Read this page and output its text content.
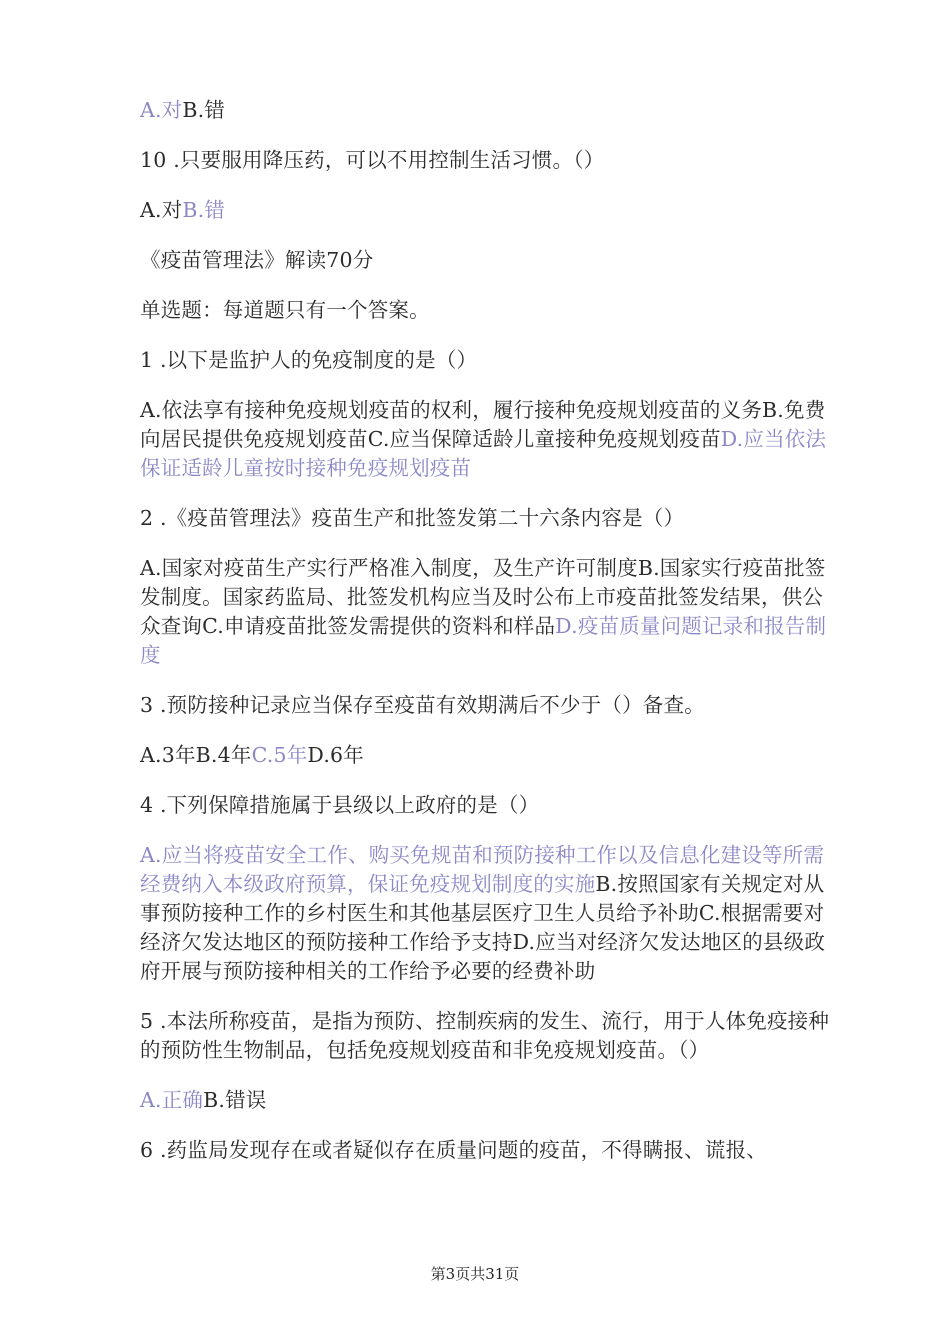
A.对B.错

10 .只要服用降压药，可以不用控制生活习惯。（）

A.对B.错

《疫苗管理法》解读70分

单选题：每道题只有一个答案。

1 .以下是监护人的免疫制度的是（）

A.依法享有接种免疫规划疫苗的权利，履行接种免疫规划疫苗的义务B.免费向居民提供免疫规划疫苗C.应当保障适龄儿童接种免疫规划疫苗D.应当依法保证适龄儿童按时接种免疫规划疫苗

2 .《疫苗管理法》疫苗生产和批签发第二十六条内容是（）

A.国家对疫苗生产实行严格准入制度，及生产许可制度B.国家实行疫苗批签发制度。国家药监局、批签发机构应当及时公布上市疫苗批签发结果，供公众查询C.申请疫苗批签发需提供的资料和样品D.疫苗质量问题记录和报告制度

3 .预防接种记录应当保存至疫苗有效期满后不少于（）备查。

A.3年B.4年C.5年D.6年

4 .下列保障措施属于县级以上政府的是（）

A.应当将疫苗安全工作、购买免规苗和预防接种工作以及信息化建设等所需经费纳入本级政府预算，保证免疫规划制度的实施B.按照国家有关规定对从事预防接种工作的乡村医生和其他基层医疗卫生人员给予补助C.根据需要对经济欠发达地区的预防接种工作给予支持D.应当对经济欠发达地区的县级政府开展与预防接种相关的工作给予必要的经费补助

5 .本法所称疫苗，是指为预防、控制疾病的发生、流行，用于人体免疫接种的预防性生物制品，包括免疫规划疫苗和非免疫规划疫苗。（）

A.正确B.错误

6 .药监局发现存在或者疑似存在质量问题的疫苗，不得瞒报、谎报、

第3页共31页
